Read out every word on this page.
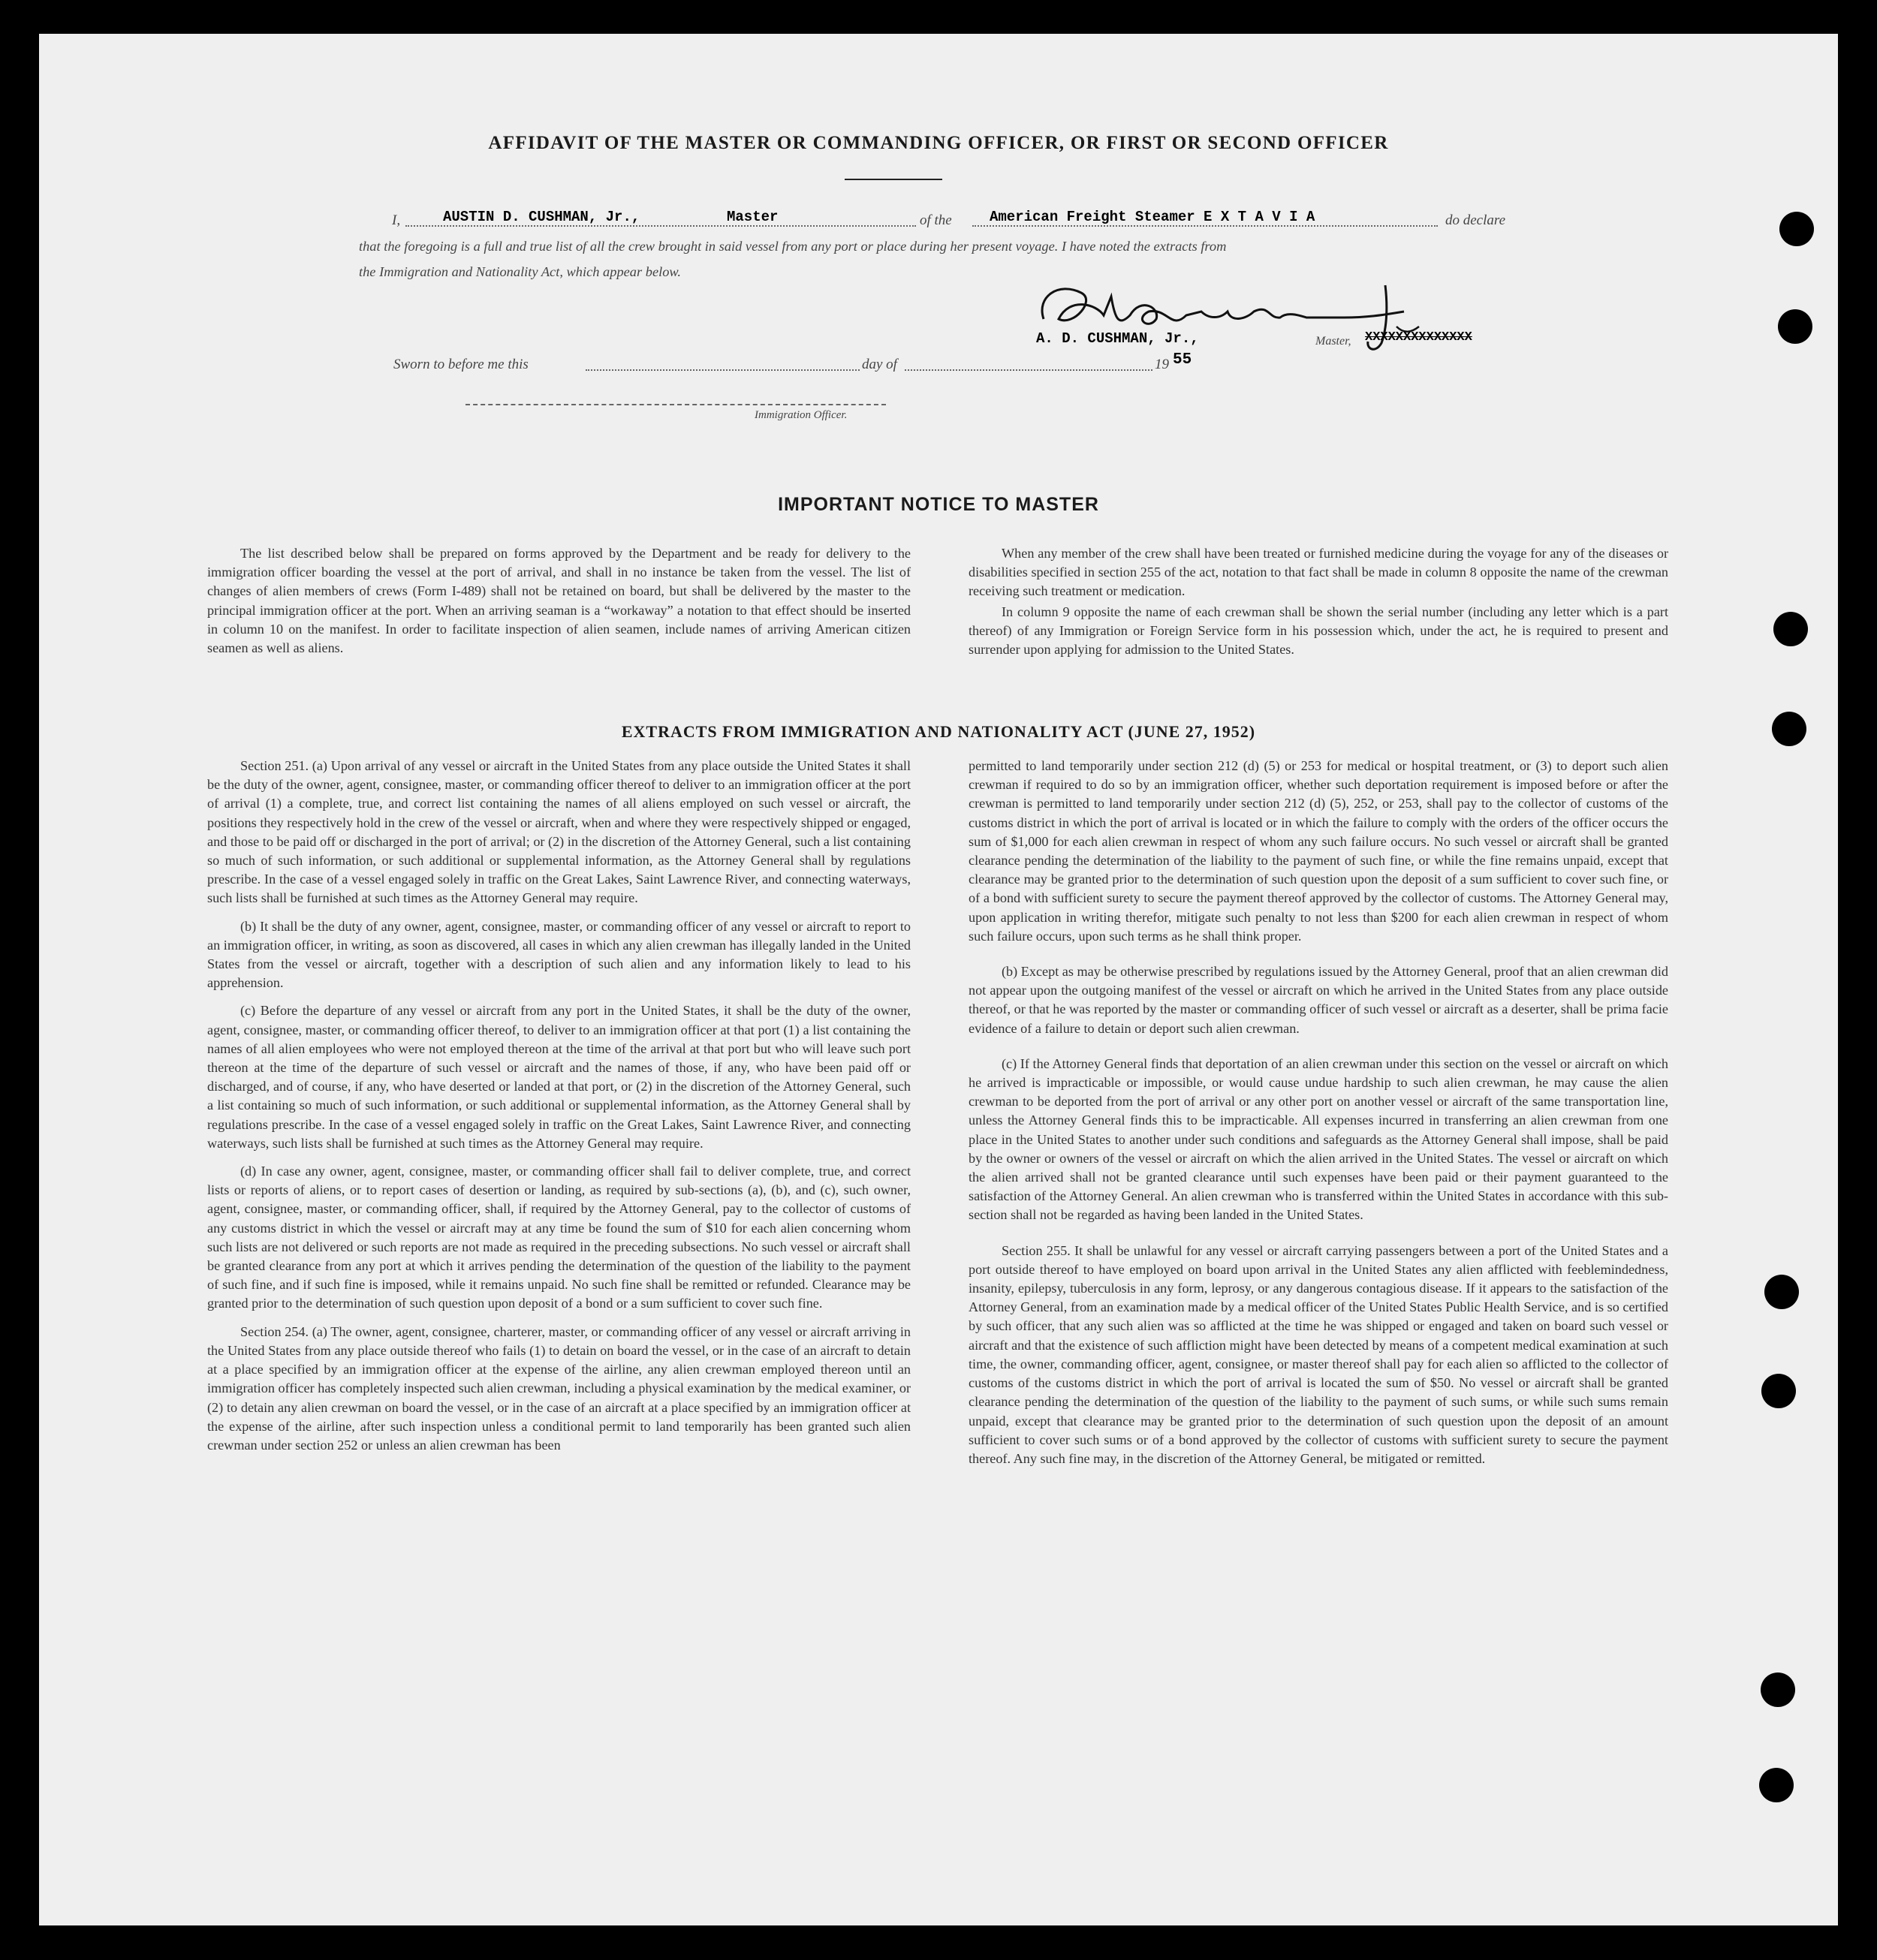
AFFIDAVIT OF THE MASTER OR COMMANDING OFFICER, OR FIRST OR SECOND OFFICER
I,	AUSTIN D. CUSHMAN, Jr.,	Master	of the	American Freight Steamer E X T A V I A	do declare
that the foregoing is a full and true list of all the crew brought in said vessel from any port or place during her present voyage. I have noted the extracts from
the Immigration and Nationality Act, which appear below.
A. D. CUSHMAN, Jr.,	Master, XXXXXXXXXXXXXX
Sworn to before me this	day of	19 55
Immigration Officer.
IMPORTANT NOTICE TO MASTER

The list described below shall be prepared on forms approved by the Department and be ready for delivery to the immigration officer boarding the vessel at the port of arrival, and shall in no instance be taken from the vessel. The list of changes of alien members of crews (Form I-489) shall not be retained on board, but shall be delivered by the master to the principal immigration officer at the port. When an arriving seaman is a “workaway” a notation to that effect should be inserted in column 10 on the manifest. In order to facilitate inspection of alien seamen, include names of arriving American citizen seamen as well as aliens.

When any member of the crew shall have been treated or furnished medicine during the voyage for any of the diseases or disabilities specified in section 255 of the act, notation to that fact shall be made in column 8 opposite the name of the crewman receiving such treatment or medication.

In column 9 opposite the name of each crewman shall be shown the serial number (including any letter which is a part thereof) of any Immigration or Foreign Service form in his possession which, under the act, he is required to present and surrender upon applying for admission to the United States.

EXTRACTS FROM IMMIGRATION AND NATIONALITY ACT (JUNE 27, 1952)

Section 251. (a) Upon arrival of any vessel or aircraft in the United States from any place outside the United States it shall be the duty of the owner, agent, consignee, master, or commanding officer thereof to deliver to an immigration officer at the port of arrival (1) a complete, true, and correct list containing the names of all aliens employed on such vessel or aircraft, the positions they respectively hold in the crew of the vessel or aircraft, when and where they were respectively shipped or engaged, and those to be paid off or discharged in the port of arrival; or (2) in the discretion of the Attorney General, such a list containing so much of such information, or such additional or supplemental information, as the Attorney General shall by regulations prescribe. In the case of a vessel engaged solely in traffic on the Great Lakes, Saint Lawrence River, and connecting waterways, such lists shall be furnished at such times as the Attorney General may require.

(b) It shall be the duty of any owner, agent, consignee, master, or commanding officer of any vessel or aircraft to report to an immigration officer, in writing, as soon as discovered, all cases in which any alien crewman has illegally landed in the United States from the vessel or aircraft, together with a description of such alien and any information likely to lead to his apprehension.

(c) Before the departure of any vessel or aircraft from any port in the United States, it shall be the duty of the owner, agent, consignee, master, or commanding officer thereof, to deliver to an immigration officer at that port (1) a list containing the names of all alien employees who were not employed thereon at the time of the arrival at that port but who will leave such port thereon at the time of the departure of such vessel or aircraft and the names of those, if any, who have been paid off or discharged, and of course, if any, who have deserted or landed at that port, or (2) in the discretion of the Attorney General, such a list containing so much of such information, or such additional or supplemental information, as the Attorney General shall by regulations prescribe. In the case of a vessel engaged solely in traffic on the Great Lakes, Saint Lawrence River, and connecting waterways, such lists shall be furnished at such times as the Attorney General may require.

(d) In case any owner, agent, consignee, master, or commanding officer shall fail to deliver complete, true, and correct lists or reports of aliens, or to report cases of desertion or landing, as required by sub-sections (a), (b), and (c), such owner, agent, consignee, master, or commanding officer, shall, if required by the Attorney General, pay to the collector of customs of any customs district in which the vessel or aircraft may at any time be found the sum of $10 for each alien concerning whom such lists are not delivered or such reports are not made as required in the preceding subsections. No such vessel or aircraft shall be granted clearance from any port at which it arrives pending the determination of the question of the liability to the payment of such fine, and if such fine is imposed, while it remains unpaid. No such fine shall be remitted or refunded. Clearance may be granted prior to the determination of such question upon deposit of a bond or a sum sufficient to cover such fine.

Section 254. (a) The owner, agent, consignee, charterer, master, or commanding officer of any vessel or aircraft arriving in the United States from any place outside thereof who fails (1) to detain on board the vessel, or in the case of an aircraft to detain at a place specified by an immigration officer at the expense of the airline, any alien crewman employed thereon until an immigration officer has completely inspected such alien crewman, including a physical examination by the medical examiner, or (2) to detain any alien crewman on board the vessel, or in the case of an aircraft at a place specified by an immigration officer at the expense of the airline, after such inspection unless a conditional permit to land temporarily has been granted such alien crewman under section 252 or unless an alien crewman has been

permitted to land temporarily under section 212 (d) (5) or 253 for medical or hospital treatment, or (3) to deport such alien crewman if required to do so by an immigration officer, whether such deportation requirement is imposed before or after the crewman is permitted to land temporarily under section 212 (d) (5), 252, or 253, shall pay to the collector of customs of the customs district in which the port of arrival is located or in which the failure to comply with the orders of the officer occurs the sum of $1,000 for each alien crewman in respect of whom any such failure occurs. No such vessel or aircraft shall be granted clearance pending the determination of the liability to the payment of such fine, or while the fine remains unpaid, except that clearance may be granted prior to the determination of such question upon the deposit of a sum sufficient to cover such fine, or of a bond with sufficient surety to secure the payment thereof approved by the collector of customs. The Attorney General may, upon application in writing therefor, mitigate such penalty to not less than $200 for each alien crewman in respect of whom such failure occurs, upon such terms as he shall think proper.

(b) Except as may be otherwise prescribed by regulations issued by the Attorney General, proof that an alien crewman did not appear upon the outgoing manifest of the vessel or aircraft on which he arrived in the United States from any place outside thereof, or that he was reported by the master or commanding officer of such vessel or aircraft as a deserter, shall be prima facie evidence of a failure to detain or deport such alien crewman.

(c) If the Attorney General finds that deportation of an alien crewman under this section on the vessel or aircraft on which he arrived is impracticable or impossible, or would cause undue hardship to such alien crewman, he may cause the alien crewman to be deported from the port of arrival or any other port on another vessel or aircraft of the same transportation line, unless the Attorney General finds this to be impracticable. All expenses incurred in transferring an alien crewman from one place in the United States to another under such conditions and safeguards as the Attorney General shall impose, shall be paid by the owner or owners of the vessel or aircraft on which the alien arrived in the United States. The vessel or aircraft on which the alien arrived shall not be granted clearance until such expenses have been paid or their payment guaranteed to the satisfaction of the Attorney General. An alien crewman who is transferred within the United States in accordance with this sub-section shall not be regarded as having been landed in the United States.

Section 255. It shall be unlawful for any vessel or aircraft carrying passengers between a port of the United States and a port outside thereof to have employed on board upon arrival in the United States any alien afflicted with feeblemindedness, insanity, epilepsy, tuberculosis in any form, leprosy, or any dangerous contagious disease. If it appears to the satisfaction of the Attorney General, from an examination made by a medical officer of the United States Public Health Service, and is so certified by such officer, that any such alien was so afflicted at the time he was shipped or engaged and taken on board such vessel or aircraft and that the existence of such affliction might have been detected by means of a competent medical examination at such time, the owner, commanding officer, agent, consignee, or master thereof shall pay for each alien so afflicted to the collector of customs of the customs district in which the port of arrival is located the sum of $50. No vessel or aircraft shall be granted clearance pending the determination of the question of the liability to the payment of such sums, or while such sums remain unpaid, except that clearance may be granted prior to the determination of such question upon the deposit of an amount sufficient to cover such sums or of a bond approved by the collector of customs with sufficient surety to secure the payment thereof. Any such fine may, in the discretion of the Attorney General, be mitigated or remitted.
